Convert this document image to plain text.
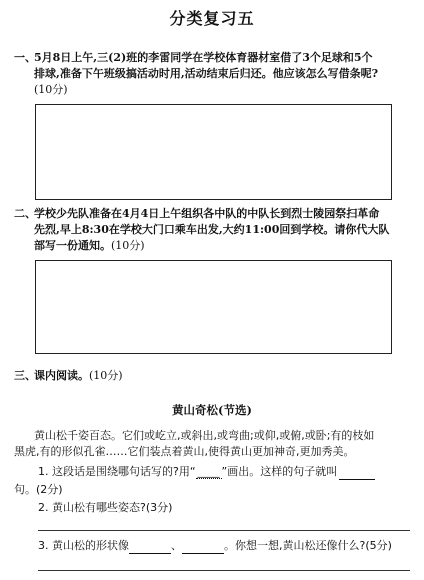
分类复习五
一、5月8日上午,三(2)班的李雷同学在学校体育器材室借了3个足球和5个
排球,准备下午班级搞活动时用,活动结束后归还。他应该怎么写借条呢?
(10分)
二、学校少先队准备在4月4日上午组织各中队的中队长到烈士陵园祭扫革命
先烈,早上8:30在学校大门口乘车出发,大约11:00回到学校。请你代大队
部写一份通知。(10分)
三、课内阅读。(10分)
黄山奇松(节选)
黄山松千姿百态。它们或屹立,或斜出,或弯曲;或仰,或俯,或卧;有的枝如
黑虎,有的形似孔雀……它们装点着黄山,使得黄山更加神奇,更加秀美。
1. 这段话是围绕哪句话写的?用“ ____ ”画出。这样的句子就叫
句。(2分)
2. 黄山松有哪些姿态?(3分)
3. 黄山松的形状像	、	。你想一想,黄山松还像什么?(5分)
